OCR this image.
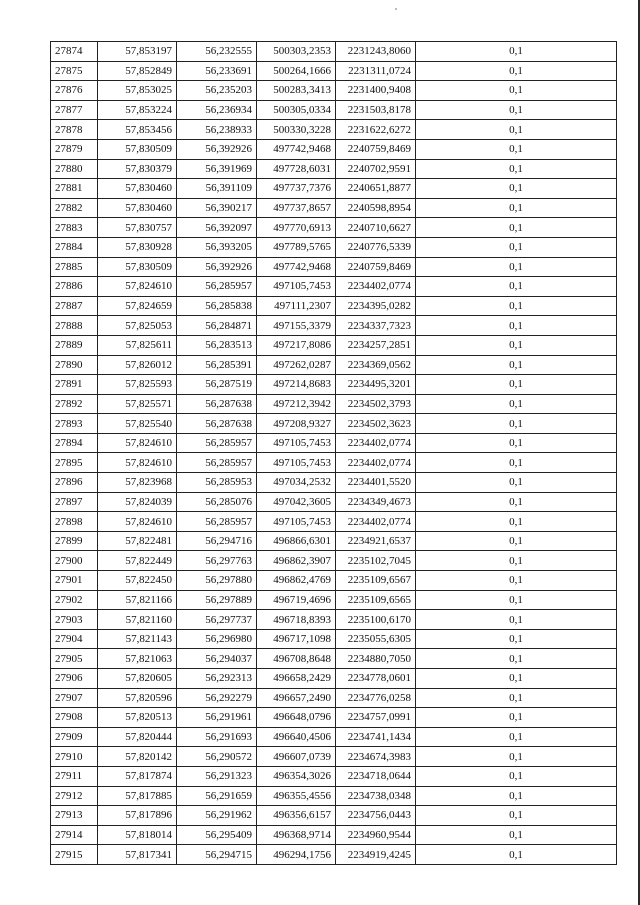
27874	57,853197	56,232555	500303,2353	2231243,8060	0,1
27875	57,852849	56,233691	500264,1666	2231311,0724	0,1
27876	57,853025	56,235203	500283,3413	2231400,9408	0,1
27877	57,853224	56,236934	500305,0334	2231503,8178	0,1
27878	57,853456	56,238933	500330,3228	2231622,6272	0,1
27879	57,830509	56,392926	497742,9468	2240759,8469	0,1
27880	57,830379	56,391969	497728,6031	2240702,9591	0,1
27881	57,830460	56,391109	497737,7376	2240651,8877	0,1
27882	57,830460	56,390217	497737,8657	2240598,8954	0,1
27883	57,830757	56,392097	497770,6913	2240710,6627	0,1
27884	57,830928	56,393205	497789,5765	2240776,5339	0,1
27885	57,830509	56,392926	497742,9468	2240759,8469	0,1
27886	57,824610	56,285957	497105,7453	2234402,0774	0,1
27887	57,824659	56,285838	497111,2307	2234395,0282	0,1
27888	57,825053	56,284871	497155,3379	2234337,7323	0,1
27889	57,825611	56,283513	497217,8086	2234257,2851	0,1
27890	57,826012	56,285391	497262,0287	2234369,0562	0,1
27891	57,825593	56,287519	497214,8683	2234495,3201	0,1
27892	57,825571	56,287638	497212,3942	2234502,3793	0,1
27893	57,825540	56,287638	497208,9327	2234502,3623	0,1
27894	57,824610	56,285957	497105,7453	2234402,0774	0,1
27895	57,824610	56,285957	497105,7453	2234402,0774	0,1
27896	57,823968	56,285953	497034,2532	2234401,5520	0,1
27897	57,824039	56,285076	497042,3605	2234349,4673	0,1
27898	57,824610	56,285957	497105,7453	2234402,0774	0,1
27899	57,822481	56,294716	496866,6301	2234921,6537	0,1
27900	57,822449	56,297763	496862,3907	2235102,7045	0,1
27901	57,822450	56,297880	496862,4769	2235109,6567	0,1
27902	57,821166	56,297889	496719,4696	2235109,6565	0,1
27903	57,821160	56,297737	496718,8393	2235100,6170	0,1
27904	57,821143	56,296980	496717,1098	2235055,6305	0,1
27905	57,821063	56,294037	496708,8648	2234880,7050	0,1
27906	57,820605	56,292313	496658,2429	2234778,0601	0,1
27907	57,820596	56,292279	496657,2490	2234776,0258	0,1
27908	57,820513	56,291961	496648,0796	2234757,0991	0,1
27909	57,820444	56,291693	496640,4506	2234741,1434	0,1
27910	57,820142	56,290572	496607,0739	2234674,3983	0,1
27911	57,817874	56,291323	496354,3026	2234718,0644	0,1
27912	57,817885	56,291659	496355,4556	2234738,0348	0,1
27913	57,817896	56,291962	496356,6157	2234756,0443	0,1
27914	57,818014	56,295409	496368,9714	2234960,9544	0,1
27915	57,817341	56,294715	496294,1756	2234919,4245	0,1
